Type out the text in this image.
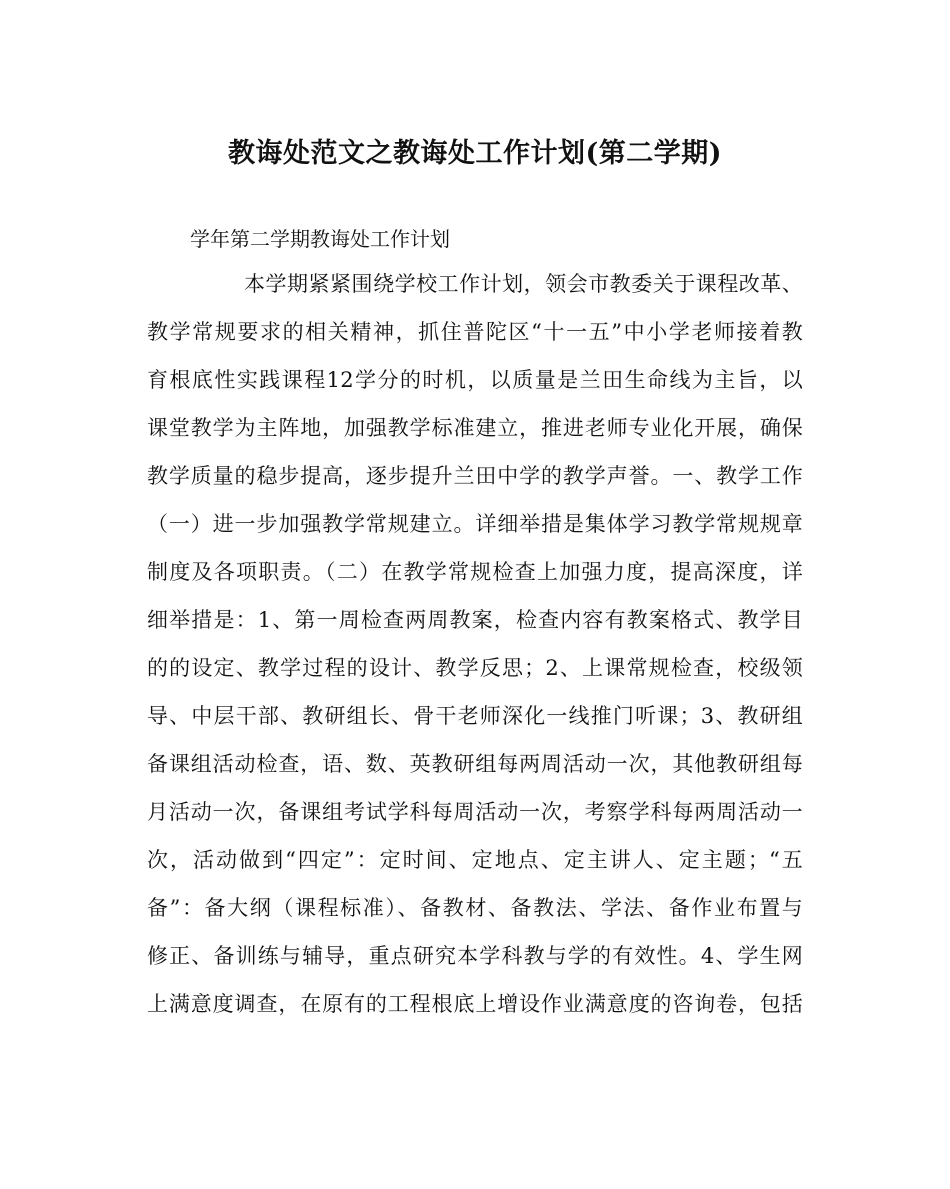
教诲处范文之教诲处工作计划(第二学期)

学年第二学期教诲处工作计划

本学期紧紧围绕学校工作计划，领会市教委关于课程改革、
教学常规要求的相关精神，抓住普陀区“十一五”中小学老师接着教
育根底性实践课程12学分的时机，以质量是兰田生命线为主旨，以
课堂教学为主阵地，加强教学标准建立，推进老师专业化开展，确保
教学质量的稳步提高，逐步提升兰田中学的教学声誉。一、教学工作
（一）进一步加强教学常规建立。详细举措是集体学习教学常规规章
制度及各项职责。（二）在教学常规检查上加强力度，提高深度，详
细举措是：1、第一周检查两周教案，检查内容有教案格式、教学目
的的设定、教学过程的设计、教学反思；2、上课常规检查，校级领
导、中层干部、教研组长、骨干老师深化一线推门听课；3、教研组
备课组活动检查，语、数、英教研组每两周活动一次，其他教研组每
月活动一次，备课组考试学科每周活动一次，考察学科每两周活动一
次，活动做到“四定”：定时间、定地点、定主讲人、定主题；“五
备”：备大纲（课程标准）、备教材、备教法、学法、备作业布置与
修正、备训练与辅导，重点研究本学科教与学的有效性。4、学生网
上满意度调查，在原有的工程根底上增设作业满意度的咨询卷，包括
